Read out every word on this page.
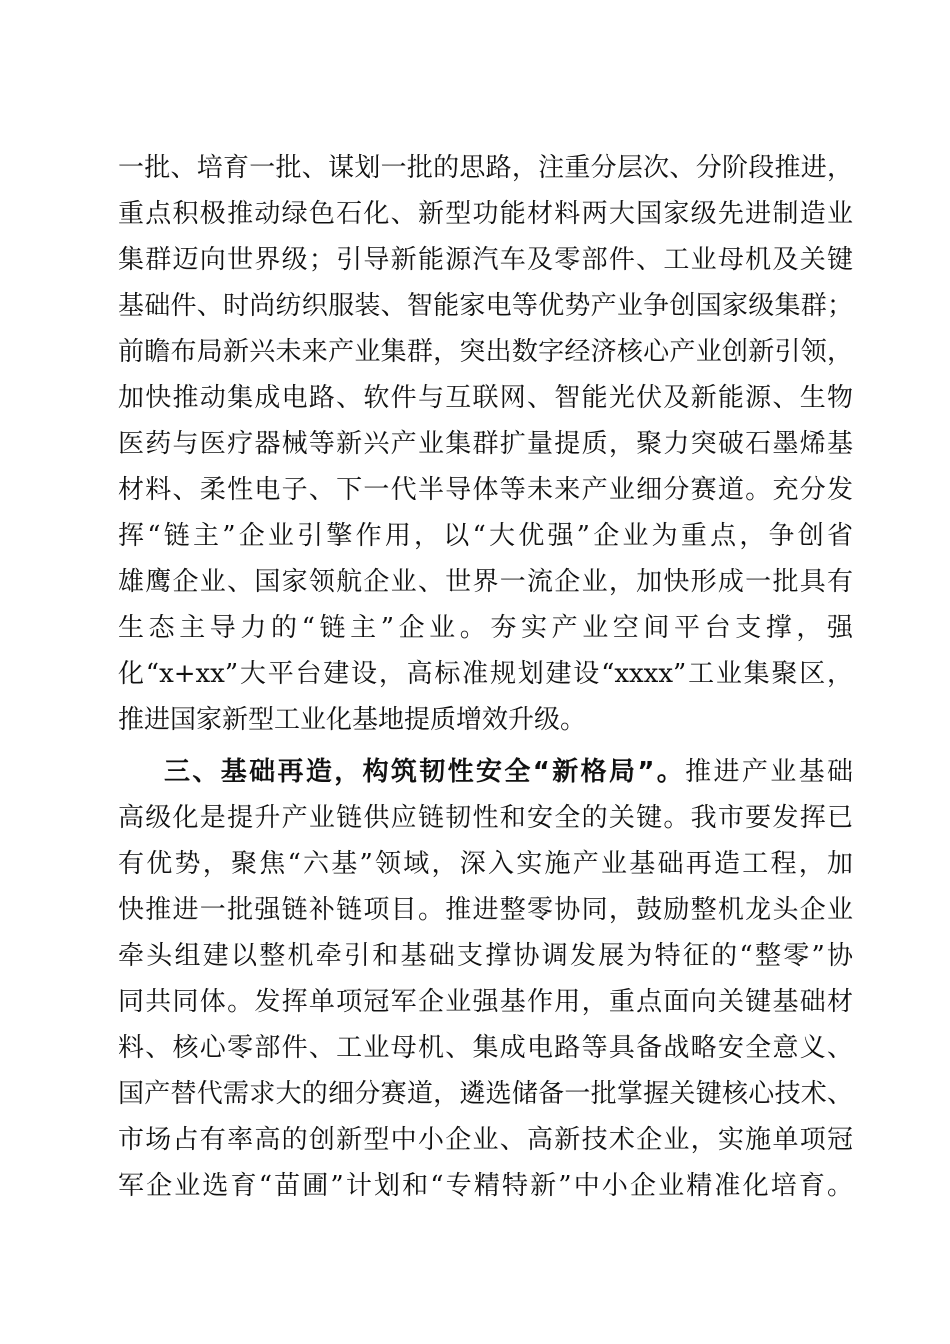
一批、培育一批、谋划一批的思路，注重分层次、分阶段推进，
重点积极推动绿色石化、新型功能材料两大国家级先进制造业
集群迈向世界级；引导新能源汽车及零部件、工业母机及关键
基础件、时尚纺织服装、智能家电等优势产业争创国家级集群；
前瞻布局新兴未来产业集群，突出数字经济核心产业创新引领，
加快推动集成电路、软件与互联网、智能光伏及新能源、生物
医药与医疗器械等新兴产业集群扩量提质，聚力突破石墨烯基
材料、柔性电子、下一代半导体等未来产业细分赛道。充分发
挥“链主”企业引擎作用，以“大优强”企业为重点，争创省
雄鹰企业、国家领航企业、世界一流企业，加快形成一批具有
生态主导力的“链主”企业。夯实产业空间平台支撑，强
化“x+xx”大平台建设，高标准规划建设“xxxx”工业集聚区，
推进国家新型工业化基地提质增效升级。
三、基础再造，构筑韧性安全“新格局”。推进产业基础
高级化是提升产业链供应链韧性和安全的关键。我市要发挥已
有优势，聚焦“六基”领域，深入实施产业基础再造工程，加
快推进一批强链补链项目。推进整零协同，鼓励整机龙头企业
牵头组建以整机牵引和基础支撑协调发展为特征的“整零”协
同共同体。发挥单项冠军企业强基作用，重点面向关键基础材
料、核心零部件、工业母机、集成电路等具备战略安全意义、
国产替代需求大的细分赛道，遴选储备一批掌握关键核心技术、
市场占有率高的创新型中小企业、高新技术企业，实施单项冠
军企业选育“苗圃”计划和“专精特新”中小企业精准化培育。
